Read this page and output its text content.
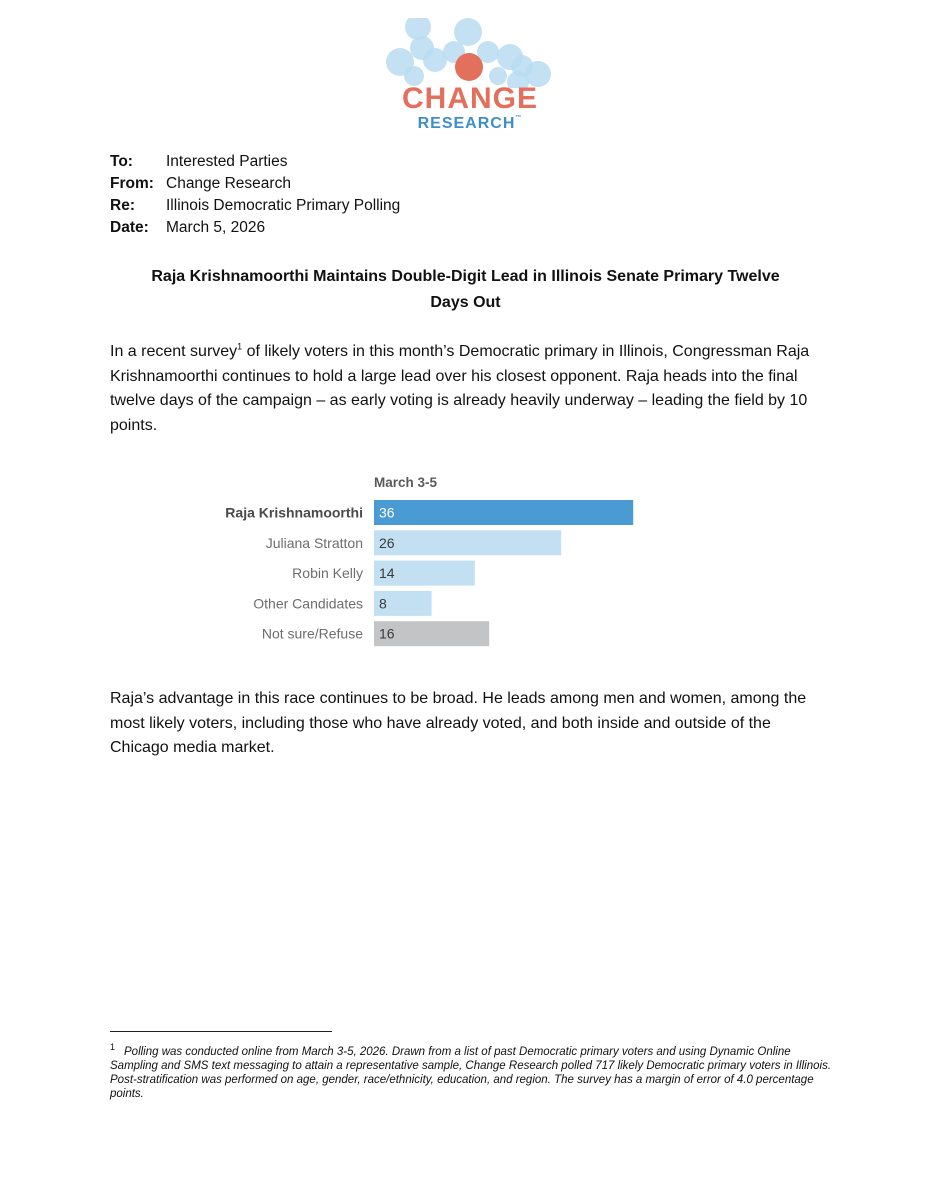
CHANGE
RESEARCH™
To:	Interested Parties
From: Change Research
Re:	Illinois Democratic Primary Polling
Date:	March 5, 2026
Raja Krishnamoorthi Maintains Double-Digit Lead in Illinois Senate Primary Twelve
Days Out

In a recent survey$^1$ of likely voters in this month’s Democratic primary in Illinois, Congressman Raja Krishnamoorthi continues to hold a large lead over his closest opponent. Raja heads into the final twelve days of the campaign – as early voting is already heavily underway – leading the field by 10 points.

March 3-5
Raja Krishnamoorthi 36
Juliana Stratton 26
Robin Kelly 14
Other Candidates 8
Not sure/Refuse 16

Raja’s advantage in this race continues to be broad. He leads among men and women, among the most likely voters, including those who have already voted, and both inside and outside of the Chicago media market.

1 Polling was conducted online from March 3-5, 2026. Drawn from a list of past Democratic primary voters and using Dynamic Online Sampling and SMS text messaging to attain a representative sample, Change Research polled 717 likely Democratic primary voters in Illinois. Post-stratification was performed on age, gender, race/ethnicity, education, and region. The survey has a margin of error of 4.0 percentage points.
